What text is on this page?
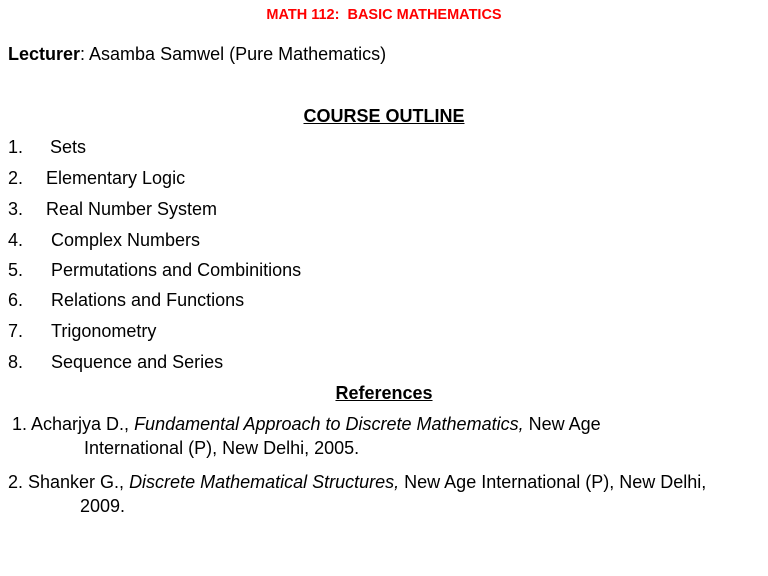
MATH 112:  BASIC MATHEMATICS
Lecturer: Asamba Samwel (Pure Mathematics)
COURSE OUTLINE
1. Sets
2. Elementary Logic
3. Real Number System
4. Complex Numbers
5. Permutations and Combinitions
6. Relations and Functions
7. Trigonometry
8. Sequence and Series
References
1. Acharjya D., Fundamental Approach to Discrete Mathematics, New Age
International (P), New Delhi, 2005.
2. Shanker G., Discrete Mathematical Structures, New Age International (P), New Delhi,
2009.
